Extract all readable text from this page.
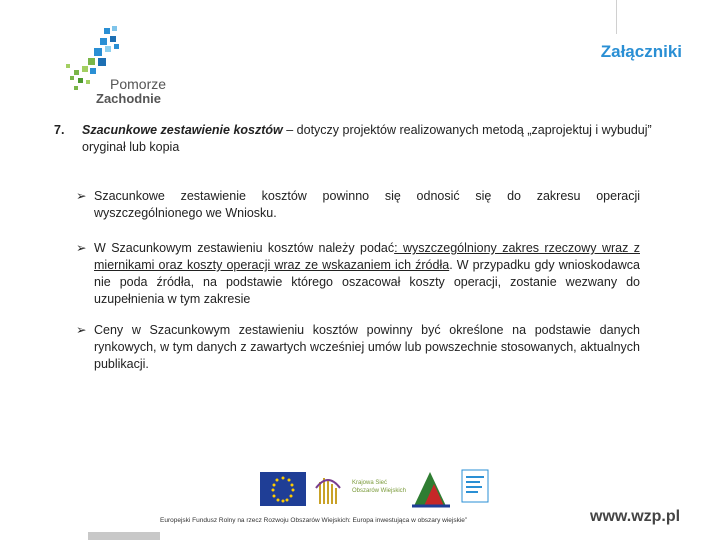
Pomorze
Zachodnie
Załączniki
7. Szacunkowe zestawienie kosztów – dotyczy projektów realizowanych metodą „zaprojektuj i wybuduj” oryginał lub kopia
➢ Szacunkowe zestawienie kosztów powinno się odnosić się do zakresu operacji wyszczególnionego we Wniosku.
➢ W Szacunkowym zestawieniu kosztów należy podać: wyszczególniony zakres rzeczowy wraz z miernikami oraz koszty operacji wraz ze wskazaniem ich źródła. W przypadku gdy wnioskodawca nie poda źródła, na podstawie którego oszacował koszty operacji, zostanie wezwany do uzupełnienia w tym zakresie
➢ Ceny w Szacunkowym zestawieniu kosztów powinny być określone na podstawie danych rynkowych, w tym danych z zawartych wcześniej umów lub powszechnie stosowanych, aktualnych publikacji.
Krajowa Sieć
Obszarów Wiejskich
Europejski Fundusz Rolny na rzecz Rozwoju Obszarów Wiejskich: Europa inwestująca w obszary wiejskie”	www.wzp.pl
